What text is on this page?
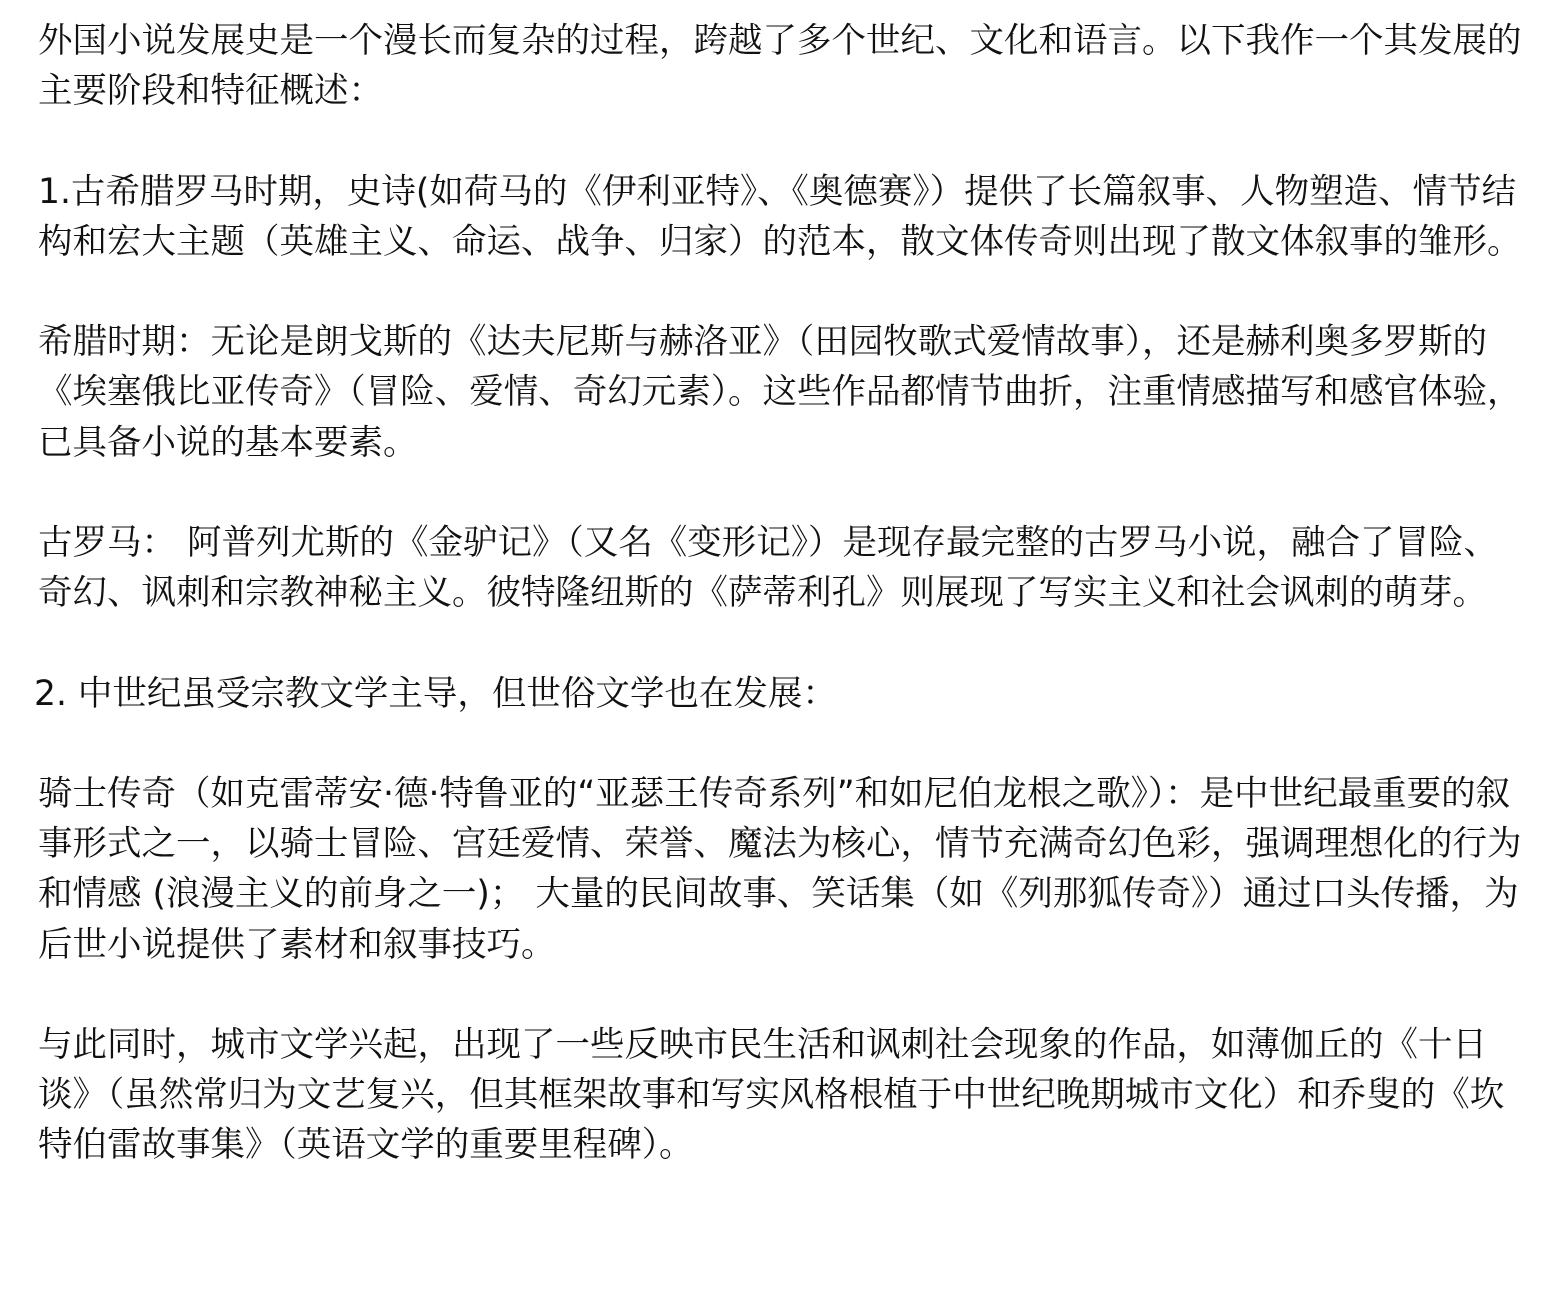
外国小说发展史是一个漫长而复杂的过程，跨越了多个世纪、文化和语言。以下我作一个其发展的主要阶段和特征概述：

1.古希腊罗马时期，史诗(如荷马的《伊利亚特》、《奥德赛》）提供了长篇叙事、人物塑造、情节结构和宏大主题（英雄主义、命运、战争、归家）的范本，散文体传奇则出现了散文体叙事的雏形。

希腊时期：无论是朗戈斯的《达夫尼斯与赫洛亚》（田园牧歌式爱情故事），还是赫利奥多罗斯的《埃塞俄比亚传奇》（冒险、爱情、奇幻元素）。这些作品都情节曲折，注重情感描写和感官体验，已具备小说的基本要素。

古罗马： 阿普列尤斯的《金驴记》（又名《变形记》）是现存最完整的古罗马小说，融合了冒险、奇幻、讽刺和宗教神秘主义。彼特隆纽斯的《萨蒂利孔》则展现了写实主义和社会讽刺的萌芽。

2. 中世纪虽受宗教文学主导，但世俗文学也在发展：

骑士传奇（如克雷蒂安·德·特鲁亚的“亚瑟王传奇系列”和如尼伯龙根之歌》）：是中世纪最重要的叙事形式之一，以骑士冒险、宫廷爱情、荣誉、魔法为核心，情节充满奇幻色彩，强调理想化的行为和情感 (浪漫主义的前身之一)； 大量的民间故事、笑话集（如《列那狐传奇》）通过口头传播，为后世小说提供了素材和叙事技巧。

与此同时，城市文学兴起，出现了一些反映市民生活和讽刺社会现象的作品，如薄伽丘的《十日谈》（虽然常归为文艺复兴，但其框架故事和写实风格根植于中世纪晚期城市文化）和乔叟的《坎特伯雷故事集》（英语文学的重要里程碑）。
